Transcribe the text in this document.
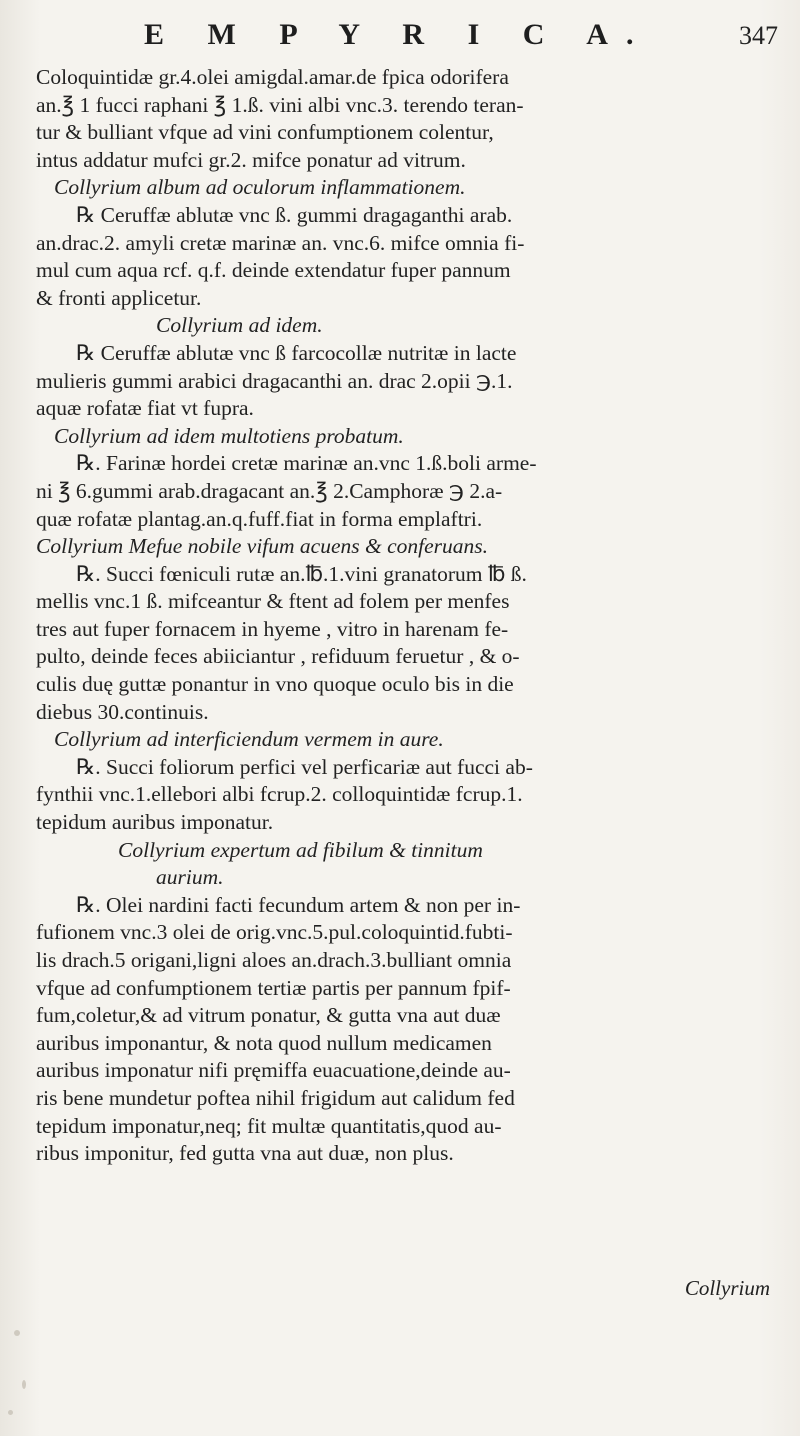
E M P Y R I C A.	347
Coloquintidæ gr.4.olei amigdal.amar.de fpica odorifera
an.℥ 1 fucci raphani ℥ 1.ß. vini albi vnc.3. terendo teran-
tur & bulliant vfque ad vini confumptionem colentur,
intus addatur mufci gr.2. mifce ponatur ad vitrum.
Collyrium album ad oculorum inflammationem.
℞ Ceruffæ ablutæ vnc ß. gummi dragaganthi arab.
an.drac.2. amyli cretæ marinæ an. vnc.6. mifce omnia fi-
mul cum aqua rcf. q.f. deinde extendatur fuper pannum
& fronti applicetur.
Collyrium ad idem.
℞ Ceruffæ ablutæ vnc ß farcocollæ nutritæ in lacte
mulieris gummi arabici dragacanthi an. drac 2.opii ℈.1.
aquæ rofatæ fiat vt fupra.
Collyrium ad idem multotiens probatum.
℞. Farinæ hordei cretæ marinæ an.vnc 1.ß.boli arme-
ni ℥ 6.gummi arab.dragacant an.℥ 2.Camphoræ ℈ 2.a-
quæ rofatæ plantag.an.q.fuff.fiat in forma emplaftri.
Collyrium Mefue nobile vifum acuens & conferuans.
℞. Succi fœniculi rutæ an.℔.1.vini granatorum ℔ ß.
mellis vnc.1 ß. mifceantur & ftent ad folem per menfes
tres aut fuper fornacem in hyeme , vitro in harenam fe-
pulto, deinde feces abiiciantur , refiduum feruetur , & o-
culis duę guttæ ponantur in vno quoque oculo bis in die
diebus 30.continuis.
Collyrium ad interficiendum vermem in aure.
℞. Succi foliorum perfici vel perficariæ aut fucci ab-
fynthii vnc.1.ellebori albi fcrup.2. colloquintidæ fcrup.1.
tepidum auribus imponatur.
Collyrium expertum ad fibilum & tinnitum
aurium.
℞. Olei nardini facti fecundum artem & non per in-
fufionem vnc.3 olei de orig.vnc.5.pul.coloquintid.fubti-
lis drach.5 origani,ligni aloes an.drach.3.bulliant omnia
vfque ad confumptionem tertiæ partis per pannum fpif-
fum,coletur,& ad vitrum ponatur, & gutta vna aut duæ
auribus imponantur, & nota quod nullum medicamen
auribus imponatur nifi pręmiffa euacuatione,deinde au-
ris bene mundetur poftea nihil frigidum aut calidum fed
tepidum imponatur,neq; fit multæ quantitatis,quod au-
ribus imponitur, fed gutta vna aut duæ, non plus.
Collyrium
